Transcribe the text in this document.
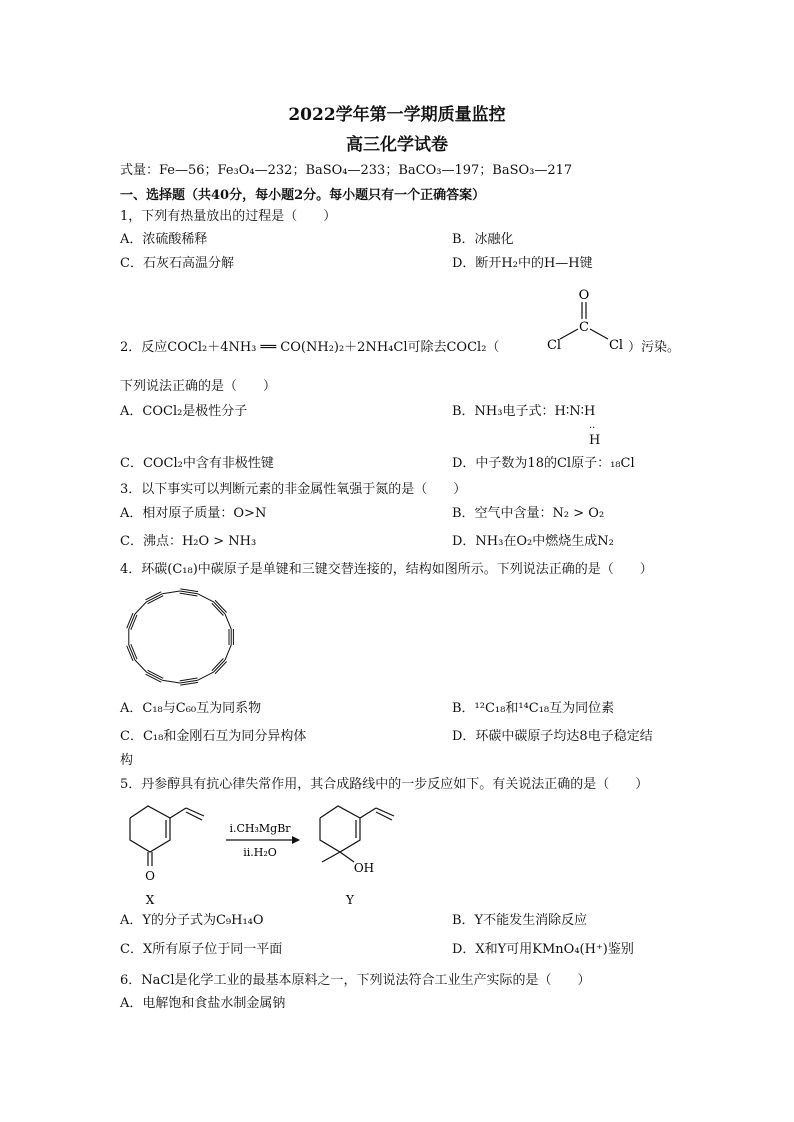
2022学年第一学期质量监控
高三化学试卷
式量：Fe—56；Fe₃O₄—232；BaSO₄—233；BaCO₃—197；BaSO₃—217
一、选择题（共40分，每小题2分。每小题只有一个正确答案）
1，下列有热量放出的过程是（　　）
A．浓硫酸稀释	B．冰融化
C．石灰石高温分解	D．断开H₂中的H—H键
2．反应COCl₂＋4NH₃ ══ CO(NH₂)₂＋2NH₄Cl可除去COCl₂（
O
C
Cl	Cl ）污染。
下列说法正确的是（　　）
A．COCl₂是极性分子	B．NH₃电子式：H∶N∶H
··
H
C．COCl₂中含有非极性键	D．中子数为18的Cl原子：₁₈Cl
3．以下事实可以判断元素的非金属性氧强于氮的是（　　）
A．相对原子质量：O>N	B．空气中含量：N₂ > O₂
C．沸点：H₂O > NH₃	D．NH₃在O₂中燃烧生成N₂
4．环碳(C₁₈)中碳原子是单键和三键交替连接的，结构如图所示。下列说法正确的是（　　）
A．C₁₈与C₆₀互为同系物	B．¹²C₁₈和¹⁴C₁₈互为同位素
C．C₁₈和金刚石互为同分异构体	D．环碳中碳原子均达8电子稳定结
构
5．丹参醇具有抗心律失常作用，其合成路线中的一步反应如下。有关说法正确的是（　　）
O
X
i.CH₃MgBr
ii.H₂O
OH
Y
A．Y的分子式为C₉H₁₄O	B．Y不能发生消除反应
C．X所有原子位于同一平面	D．X和Y可用KMnO₄(H⁺)鉴别
6．NaCl是化学工业的最基本原料之一，下列说法符合工业生产实际的是（　　）
A．电解饱和食盐水制金属钠
